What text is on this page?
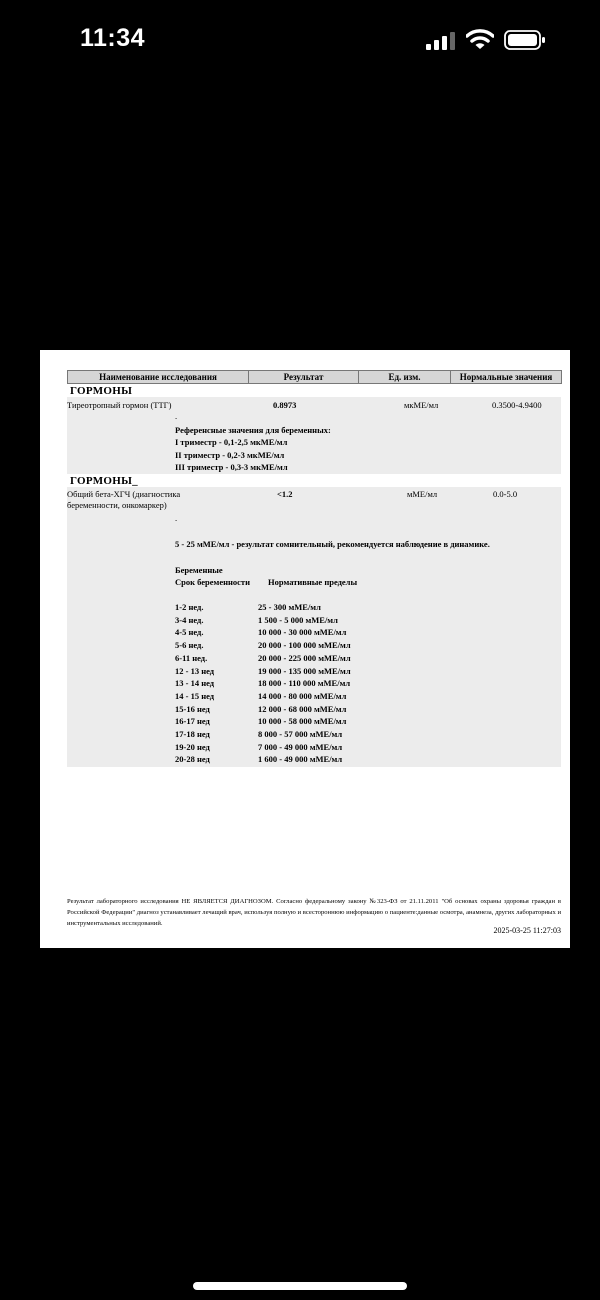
11:34
Наименование исследования	Результат	Ед. изм.	Нормальные значения
ГОРМОНЫ
Тиреотропный гормон (ТТГ)	0.8973	мкМЕ/мл	0.3500-4.9400
.
Референсные значения для беременных:
I триместр - 0,1-2,5 мкМЕ/мл
II триместр - 0,2-3 мкМЕ/мл
III триместр - 0,3-3 мкМЕ/мл
ГОРМОНЫ_
Общий бета-ХГЧ (диагностика
беременности, онкомаркер)
<1.2	мМЕ/мл	0.0-5.0
.
5 - 25 мМЕ/мл - результат сомнительный, рекомендуется наблюдение в динамике.
Беременные
Срок беременности Нормативные пределы
1-2 нед.	25 - 300 мМЕ/мл
3-4 нед.	1 500 - 5 000 мМЕ/мл
4-5 нед.	10 000 - 30 000 мМЕ/мл
5-6 нед.	20 000 - 100 000 мМЕ/мл
6-11 нед.	20 000 - 225 000 мМЕ/мл
12 - 13 нед	19 000 - 135 000 мМЕ/мл
13 - 14 нед	18 000 - 110 000 мМЕ/мл
14 - 15 нед	14 000 - 80 000 мМЕ/мл
15-16 нед	12 000 - 68 000 мМЕ/мл
16-17 нед	10 000 - 58 000 мМЕ/мл
17-18 нед	8 000 - 57 000 мМЕ/мл
19-20 нед	7 000 - 49 000 мМЕ/мл
20-28 нед	1 600 - 49 000 мМЕ/мл
Результат лабораторного исследования НЕ ЯВЛЯЕТСЯ ДИАГНОЗОМ. Согласно федеральному закону №323-ФЗ от 21.11.2011 "Об основах охраны здоровья граждан в Российской Федерации" диагноз устанавливает лечащий врач, используя полную и всестороннюю информацию о пациенте:данные осмотра, анамнеза, других лабораторных и инструментальных исследований.
2025-03-25 11:27:03
